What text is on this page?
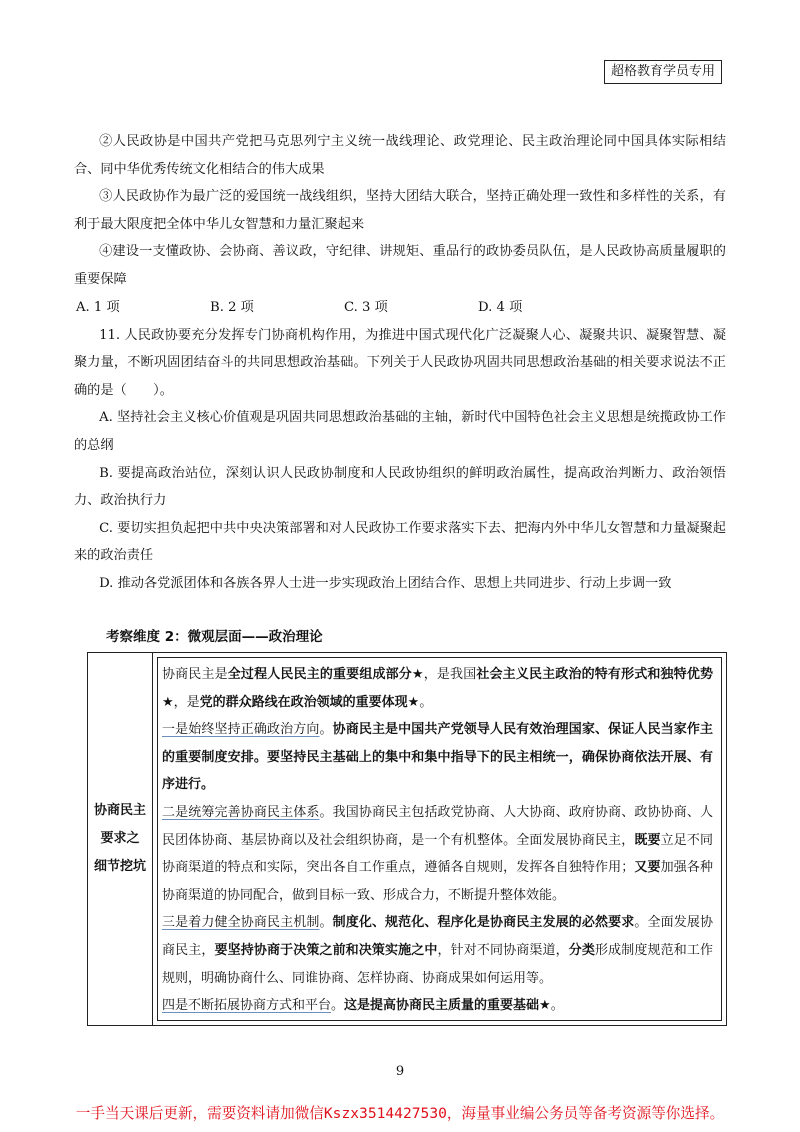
超格教育学员专用

②人民政协是中国共产党把马克思列宁主义统一战线理论、政党理论、民主政治理论同中国具体实际相结合、同中华优秀传统文化相结合的伟大成果

③人民政协作为最广泛的爱国统一战线组织，坚持大团结大联合，坚持正确处理一致性和多样性的关系，有利于最大限度把全体中华儿女智慧和力量汇聚起来

④建设一支懂政协、会协商、善议政，守纪律、讲规矩、重品行的政协委员队伍，是人民政协高质量履职的重要保障

A. 1 项	B. 2 项	C. 3 项	D. 4 项

11. 人民政协要充分发挥专门协商机构作用，为推进中国式现代化广泛凝聚人心、凝聚共识、凝聚智慧、凝聚力量，不断巩固团结奋斗的共同思想政治基础。下列关于人民政协巩固共同思想政治基础的相关要求说法不正确的是（　　）。

A. 坚持社会主义核心价值观是巩固共同思想政治基础的主轴，新时代中国特色社会主义思想是统揽政协工作的总纲

B. 要提高政治站位，深刻认识人民政协制度和人民政协组织的鲜明政治属性，提高政治判断力、政治领悟力、政治执行力

C. 要切实担负起把中共中央决策部署和对人民政协工作要求落实下去、把海内外中华儿女智慧和力量凝聚起来的政治责任

D. 推动各党派团体和各族各界人士进一步实现政治上团结合作、思想上共同进步、行动上步调一致

考察维度 2：微观层面——政治理论
协商民主
要求之
细节挖坑

协商民主是全过程人民民主的重要组成部分★，是我国社会主义民主政治的特有形式和独特优势★，是党的群众路线在政治领域的重要体现★。

一是始终坚持正确政治方向。协商民主是中国共产党领导人民有效治理国家、保证人民当家作主的重要制度安排。要坚持民主基础上的集中和集中指导下的民主相统一，确保协商依法开展、有序进行。

二是统筹完善协商民主体系。我国协商民主包括政党协商、人大协商、政府协商、政协协商、人民团体协商、基层协商以及社会组织协商，是一个有机整体。全面发展协商民主，既要立足不同协商渠道的特点和实际，突出各自工作重点，遵循各自规则，发挥各自独特作用；又要加强各种协商渠道的协同配合，做到目标一致、形成合力，不断提升整体效能。

三是着力健全协商民主机制。制度化、规范化、程序化是协商民主发展的必然要求。全面发展协商民主，要坚持协商于决策之前和决策实施之中，针对不同协商渠道，分类形成制度规范和工作规则，明确协商什么、同谁协商、怎样协商、协商成果如何运用等。

四是不断拓展协商方式和平台。这是提高协商民主质量的重要基础★。

9
一手当天课后更新，需要资料请加微信Kszx3514427530，海量事业编公务员等备考资源等你选择。
